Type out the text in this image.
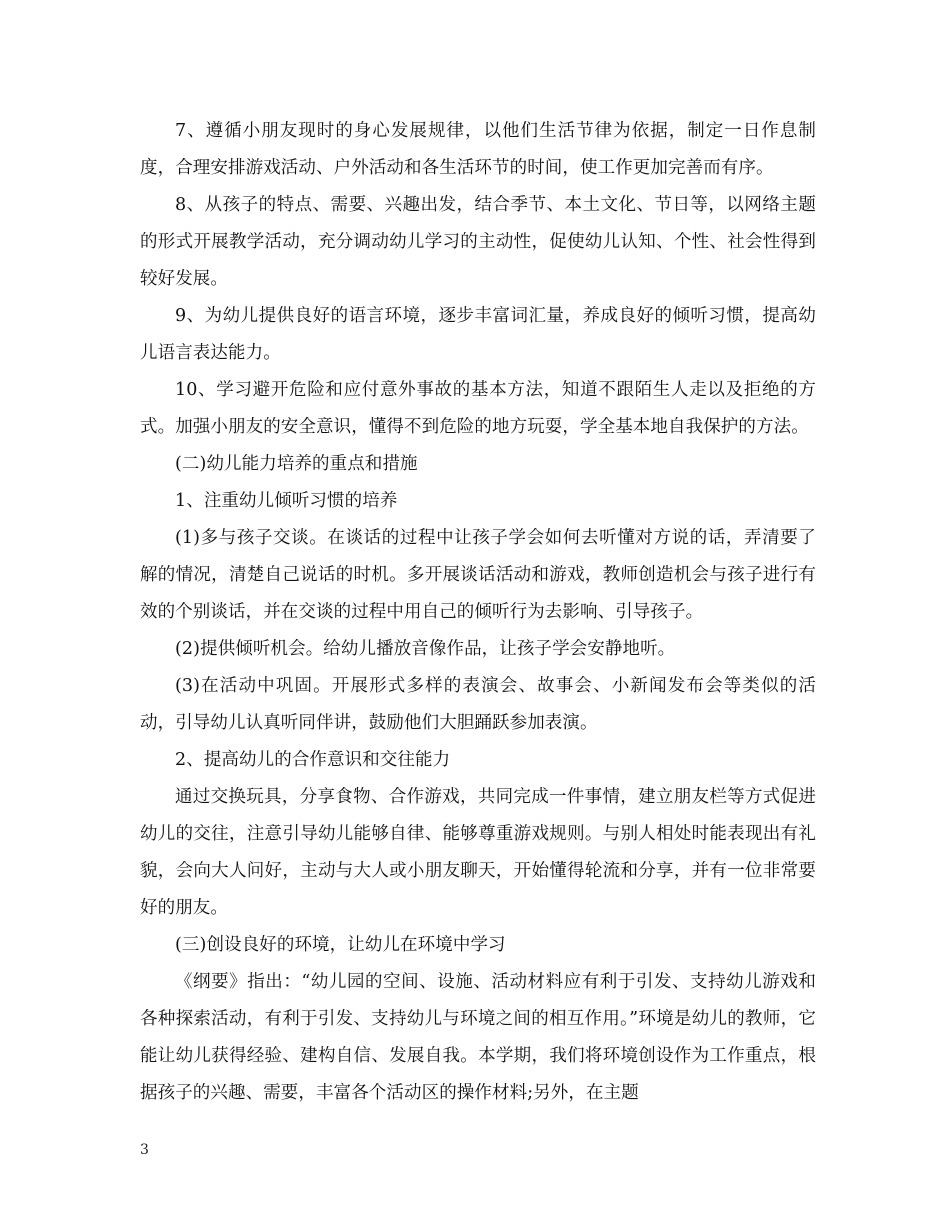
7、遵循小朋友现时的身心发展规律，以他们生活节律为依据，制定一日作息制度，合理安排游戏活动、户外活动和各生活环节的时间，使工作更加完善而有序。

8、从孩子的特点、需要、兴趣出发，结合季节、本土文化、节日等，以网络主题的形式开展教学活动，充分调动幼儿学习的主动性，促使幼儿认知、个性、社会性得到较好发展。

9、为幼儿提供良好的语言环境，逐步丰富词汇量，养成良好的倾听习惯，提高幼儿语言表达能力。

10、学习避开危险和应付意外事故的基本方法，知道不跟陌生人走以及拒绝的方式。加强小朋友的安全意识，懂得不到危险的地方玩耍，学全基本地自我保护的方法。

(二)幼儿能力培养的重点和措施

1、注重幼儿倾听习惯的培养

(1)多与孩子交谈。在谈话的过程中让孩子学会如何去听懂对方说的话，弄清要了解的情况，清楚自己说话的时机。多开展谈话活动和游戏，教师创造机会与孩子进行有效的个别谈话，并在交谈的过程中用自己的倾听行为去影响、引导孩子。

(2)提供倾听机会。给幼儿播放音像作品，让孩子学会安静地听。

(3)在活动中巩固。开展形式多样的表演会、故事会、小新闻发布会等类似的活动，引导幼儿认真听同伴讲，鼓励他们大胆踊跃参加表演。

2、提高幼儿的合作意识和交往能力

通过交换玩具，分享食物、合作游戏，共同完成一件事情，建立朋友栏等方式促进幼儿的交往，注意引导幼儿能够自律、能够尊重游戏规则。与别人相处时能表现出有礼貌，会向大人问好，主动与大人或小朋友聊天，开始懂得轮流和分享，并有一位非常要好的朋友。

(三)创设良好的环境，让幼儿在环境中学习

《纲要》指出：“幼儿园的空间、设施、活动材料应有利于引发、支持幼儿游戏和各种探索活动，有利于引发、支持幼儿与环境之间的相互作用。”环境是幼儿的教师，它能让幼儿获得经验、建构自信、发展自我。本学期，我们将环境创设作为工作重点，根据孩子的兴趣、需要，丰富各个活动区的操作材料;另外，在主题

3
